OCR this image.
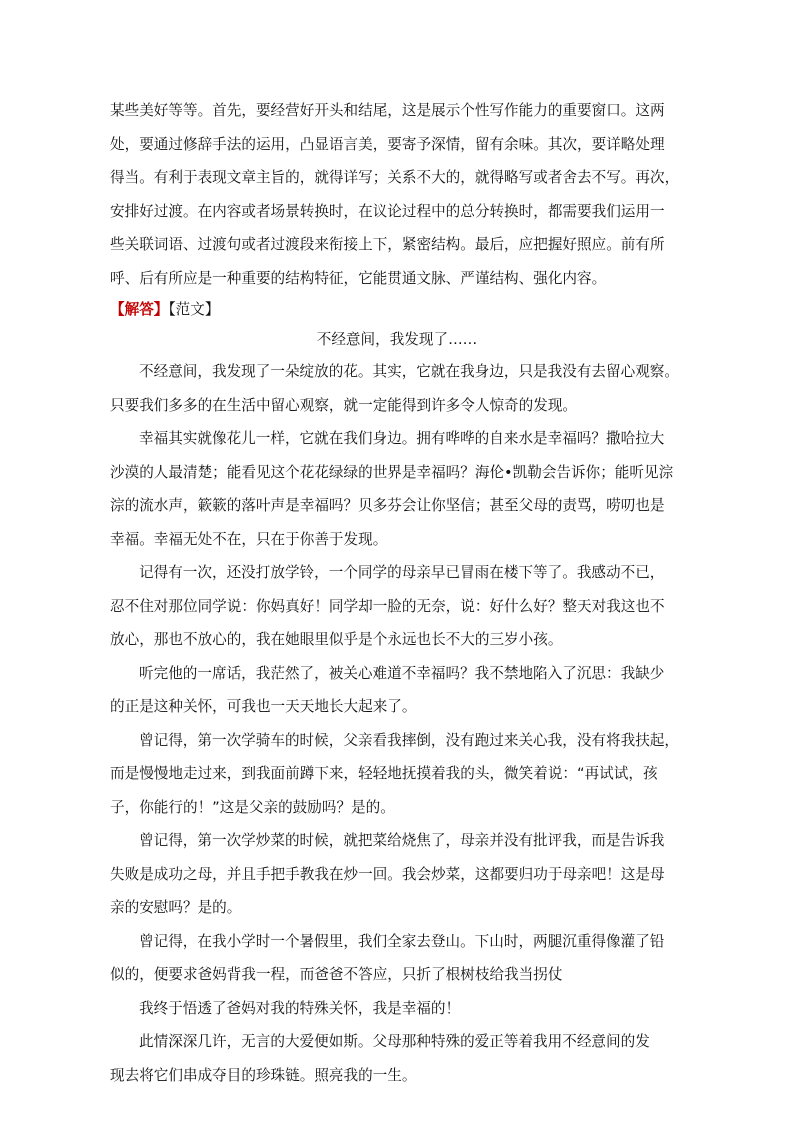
某些美好等等。首先，要经营好开头和结尾，这是展示个性写作能力的重要窗口。这两
处，要通过修辞手法的运用，凸显语言美，要寄予深情，留有余味。其次，要详略处理
得当。有利于表现文章主旨的，就得详写；关系不大的，就得略写或者舍去不写。再次，
安排好过渡。在内容或者场景转换时，在议论过程中的总分转换时，都需要我们运用一
些关联词语、过渡句或者过渡段来衔接上下，紧密结构。最后，应把握好照应。前有所
呼、后有所应是一种重要的结构特征，它能贯通文脉、严谨结构、强化内容。
【解答】【范文】
不经意间，我发现了……
不经意间，我发现了一朵绽放的花。其实，它就在我身边，只是我没有去留心观察。
只要我们多多的在生活中留心观察，就一定能得到许多令人惊奇的发现。
幸福其实就像花儿一样，它就在我们身边。拥有哗哗的自来水是幸福吗？撒哈拉大
沙漠的人最清楚；能看见这个花花绿绿的世界是幸福吗？海伦•凯勒会告诉你；能听见淙
淙的流水声，簌簌的落叶声是幸福吗？贝多芬会让你坚信；甚至父母的责骂，唠叨也是
幸福。幸福无处不在，只在于你善于发现。
记得有一次，还没打放学铃，一个同学的母亲早已冒雨在楼下等了。我感动不已，
忍不住对那位同学说：你妈真好！同学却一脸的无奈，说：好什么好？整天对我这也不
放心，那也不放心的，我在她眼里似乎是个永远也长不大的三岁小孩。
听完他的一席话，我茫然了，被关心难道不幸福吗？我不禁地陷入了沉思：我缺少
的正是这种关怀，可我也一天天地长大起来了。
曾记得，第一次学骑车的时候，父亲看我摔倒，没有跑过来关心我，没有将我扶起，
而是慢慢地走过来，到我面前蹲下来，轻轻地抚摸着我的头，微笑着说：“再试试，孩
子，你能行的！”这是父亲的鼓励吗？是的。
曾记得，第一次学炒菜的时候，就把菜给烧焦了，母亲并没有批评我，而是告诉我
失败是成功之母，并且手把手教我在炒一回。我会炒菜，这都要归功于母亲吧！这是母
亲的安慰吗？是的。
曾记得，在我小学时一个暑假里，我们全家去登山。下山时，两腿沉重得像灌了铅
似的，便要求爸妈背我一程，而爸爸不答应，只折了根树枝给我当拐仗
我终于悟透了爸妈对我的特殊关怀，我是幸福的！
此情深深几许，无言的大爱便如斯。父母那种特殊的爱正等着我用不经意间的发
现去将它们串成夺目的珍珠链。照亮我的一生。
